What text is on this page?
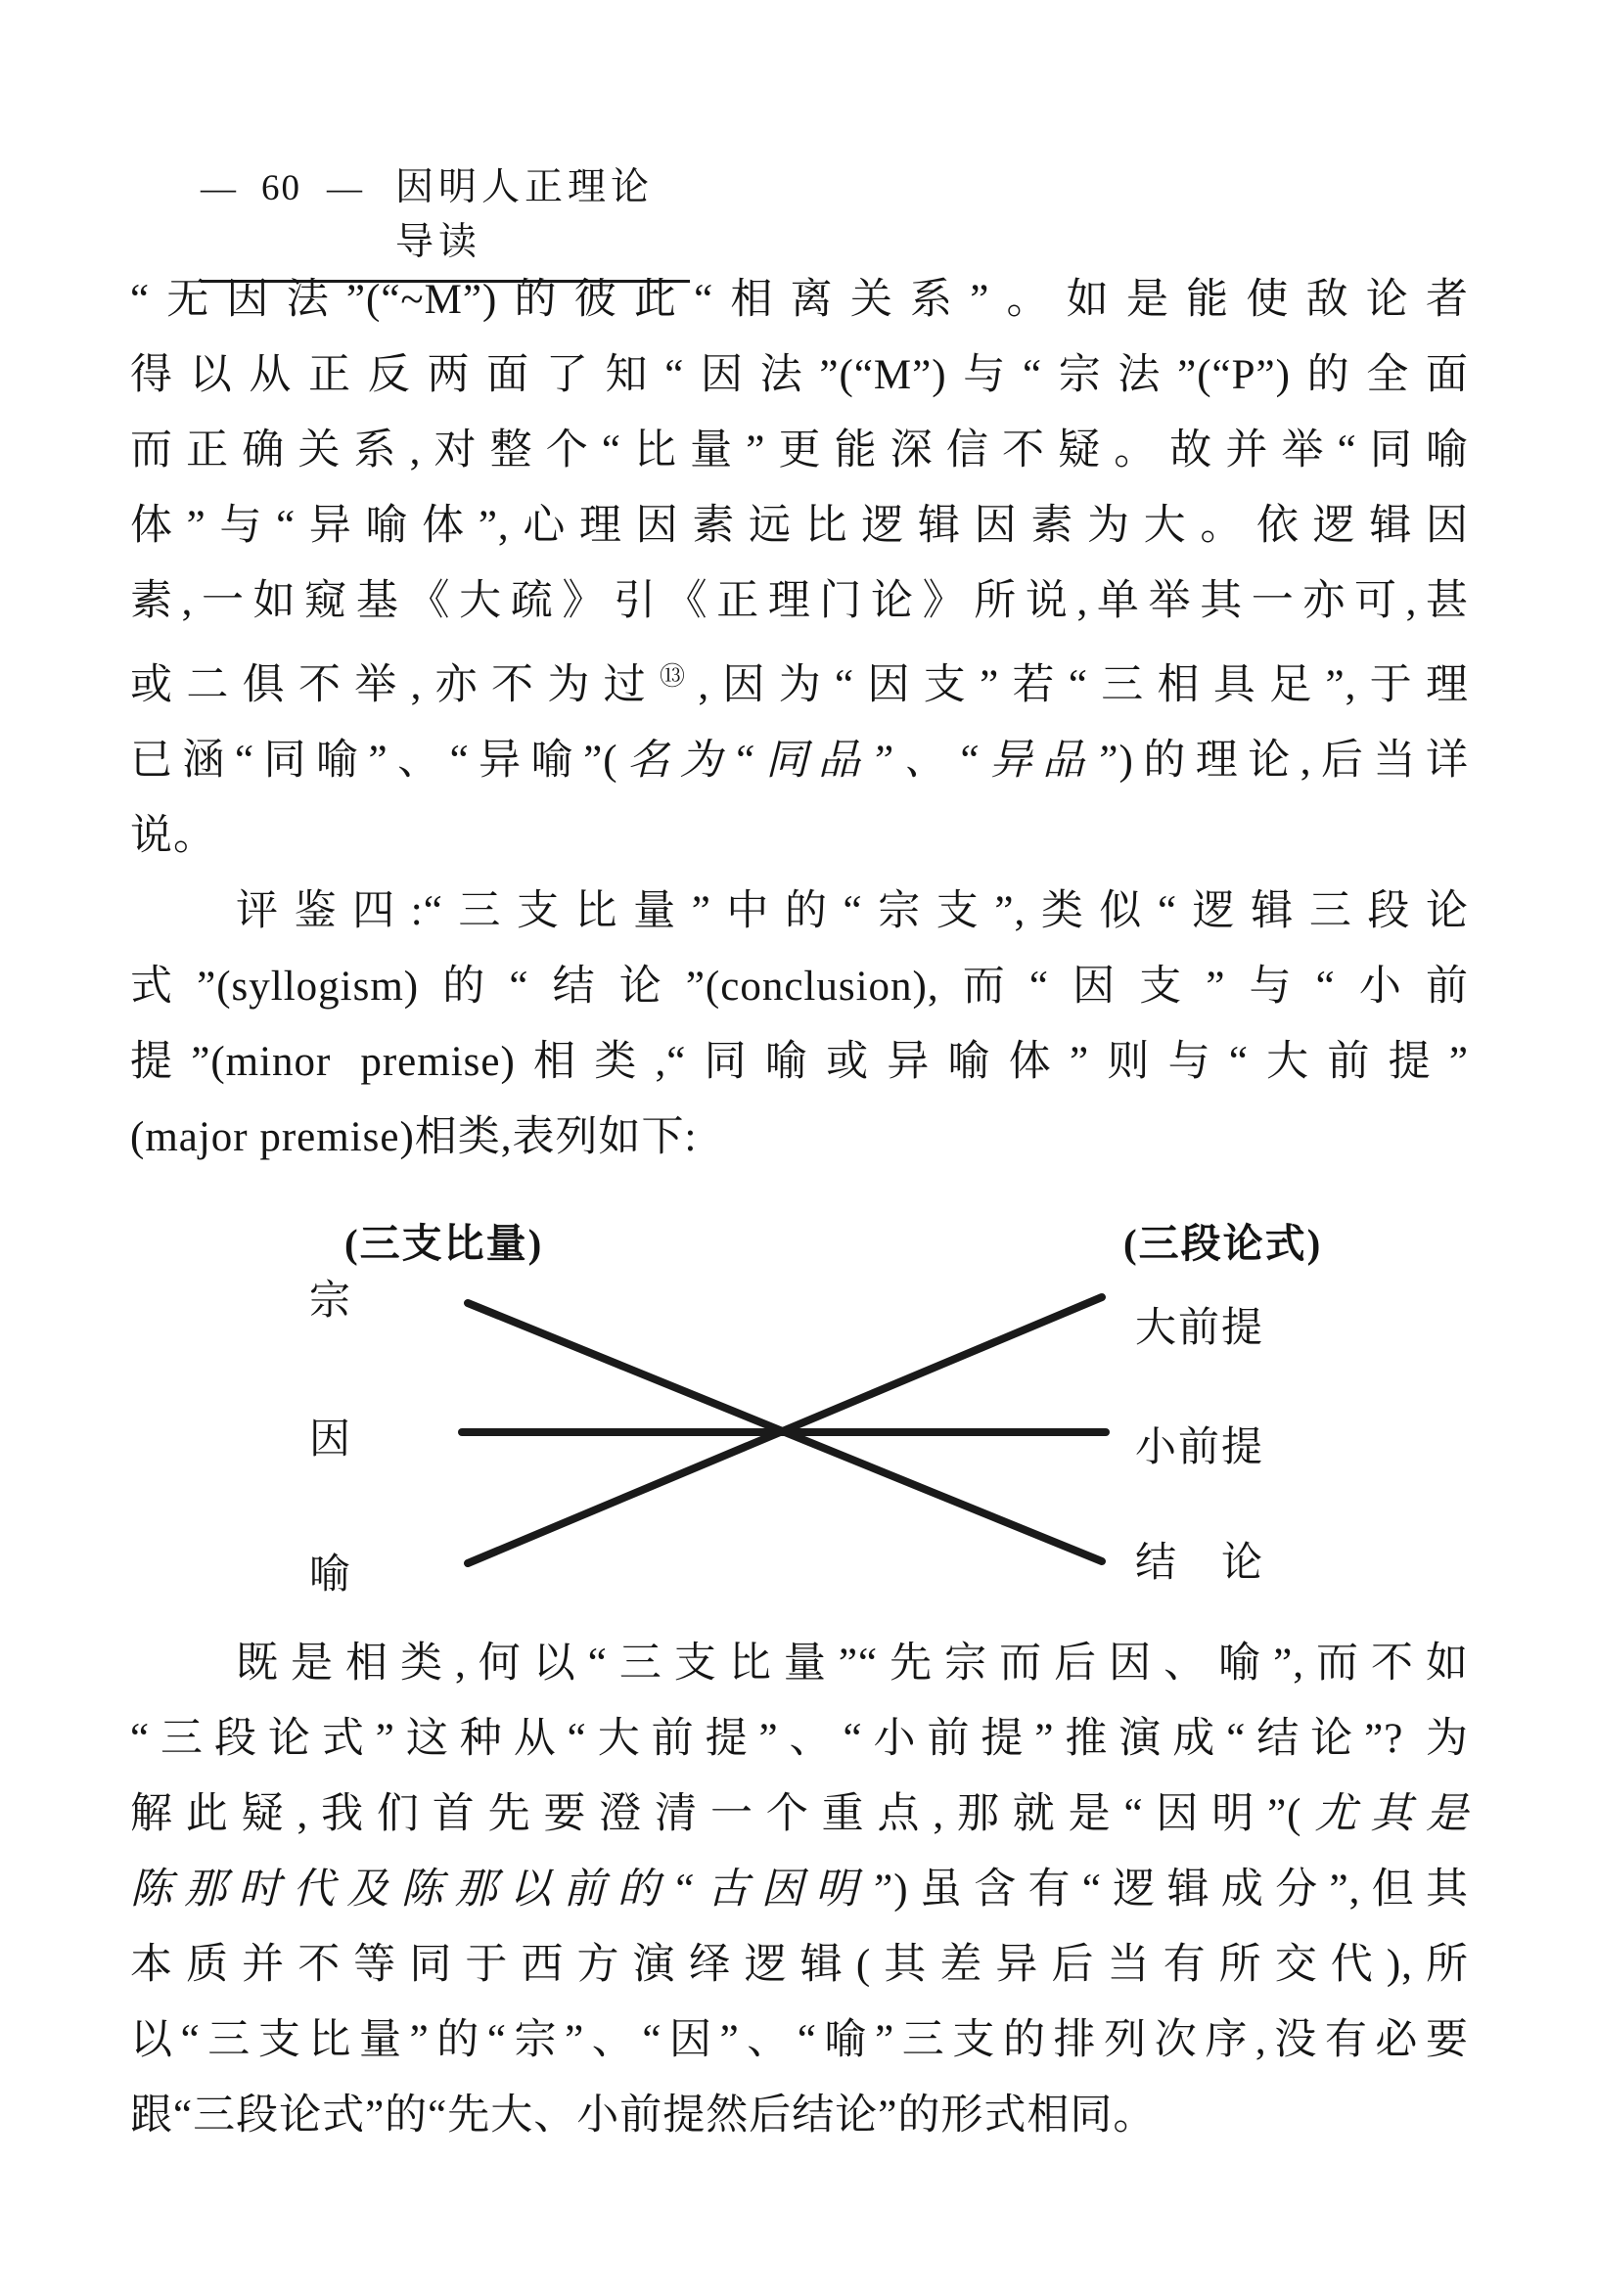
— 60 — 因明人正理论导读
“无因法”(“~M”)的彼此“相离关系”。如是能使敌论者
得以从正反两面了知“因法”(“M”)与“宗法”(“P”)的全面
而正确关系,对整个“比量”更能深信不疑。故并举“同喻
体”与“异喻体”,心理因素远比逻辑因素为大。依逻辑因
素,一如窥基《大疏》引《正理门论》所说,单举其一亦可,甚
或二俱不举,亦不为过⑬,因为“因支”若“三相具足”,于理
已涵“同喻”、“异喻”(名为“同品”、“异品”)的理论,后当详
说。
评鉴四:“三支比量”中的“宗支”,类似“逻辑三段论
式”(syllogism)的“结论”(conclusion),而“因支”与“小前
提”(minor premise)相类,“同喻或异喻体”则与“大前提”
(major premise)相类,表列如下:
(三支比量)	(三段论式)
宗
因
喻
大前提
小前提
结　论
既是相类,何以“三支比量”“先宗而后因、喻”,而不如
“三段论式”这种从“大前提”、“小前提”推演成“结论”? 为
解此疑,我们首先要澄清一个重点,那就是“因明”(尤其是
陈那时代及陈那以前的“古因明”)虽含有“逻辑成分”,但其
本质并不等同于西方演绎逻辑(其差异后当有所交代),所
以“三支比量”的“宗”、“因”、“喻”三支的排列次序,没有必要
跟“三段论式”的“先大、小前提然后结论”的形式相同。
